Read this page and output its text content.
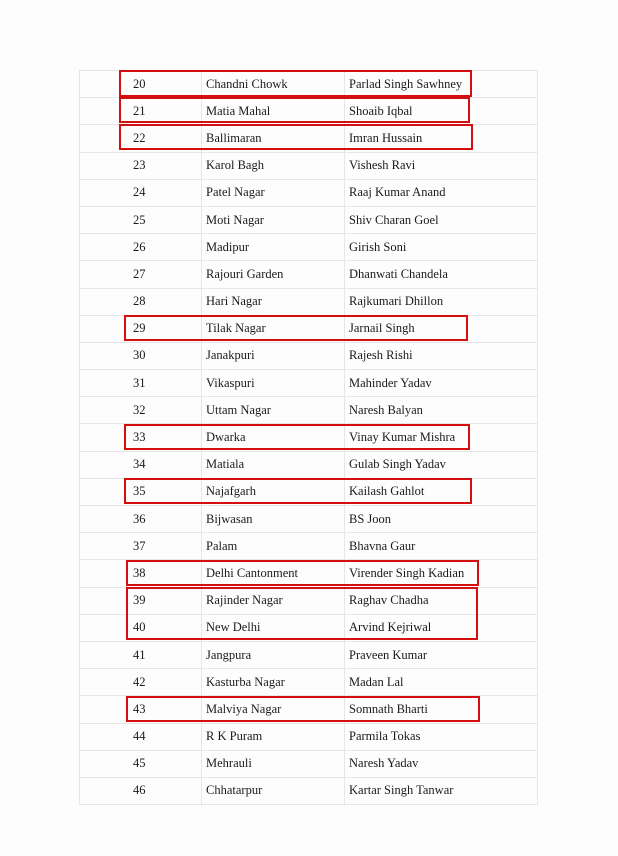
20	Chandni Chowk	Parlad Singh Sawhney
21	Matia Mahal	Shoaib Iqbal
22	Ballimaran	Imran Hussain
23	Karol Bagh	Vishesh Ravi
24	Patel Nagar	Raaj Kumar Anand
25	Moti Nagar	Shiv Charan Goel
26	Madipur	Girish Soni
27	Rajouri Garden	Dhanwati Chandela
28	Hari Nagar	Rajkumari Dhillon
29	Tilak Nagar	Jarnail Singh
30	Janakpuri	Rajesh Rishi
31	Vikaspuri	Mahinder Yadav
32	Uttam Nagar	Naresh Balyan
33	Dwarka	Vinay Kumar Mishra
34	Matiala	Gulab Singh Yadav
35	Najafgarh	Kailash Gahlot
36	Bijwasan	BS Joon
37	Palam	Bhavna Gaur
38	Delhi Cantonment	Virender Singh Kadian
39	Rajinder Nagar	Raghav Chadha
40	New Delhi	Arvind Kejriwal
41	Jangpura	Praveen Kumar
42	Kasturba Nagar	Madan Lal
43	Malviya Nagar	Somnath Bharti
44	R K Puram	Parmila Tokas
45	Mehrauli	Naresh Yadav
46	Chhatarpur	Kartar Singh Tanwar
